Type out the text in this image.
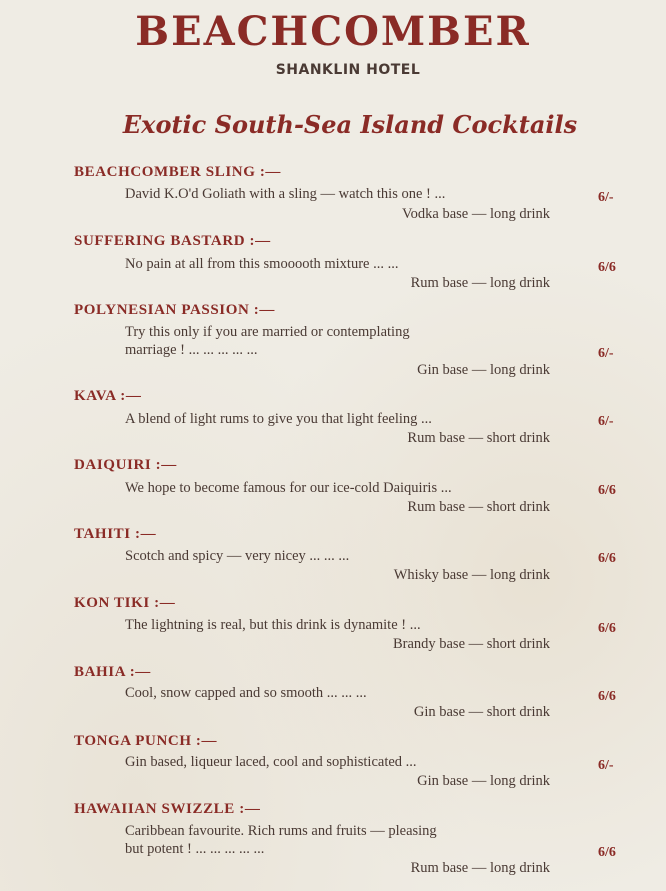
BEACHCOMBER
SHANKLIN HOTEL
Exotic South-Sea Island Cocktails
BEACHCOMBER SLING :—
David K.O'd Goliath with a sling — watch this one ! ...	6/-
Vodka base — long drink
SUFFERING BASTARD :—
No pain at all from this smooooth mixture ... ...	6/6
Rum base — long drink
POLYNESIAN PASSION :—
Try this only if you are married or contemplating
marriage ! ... ... ... ... ...	6/-
Gin base — long drink
KAVA :—
A blend of light rums to give you that light feeling ...	6/-
Rum base — short drink
DAIQUIRI :—
We hope to become famous for our ice-cold Daiquiris ...	6/6
Rum base — short drink
TAHITI :—
Scotch and spicy — very nicey ... ... ...	6/6
Whisky base — long drink
KON TIKI :—
The lightning is real, but this drink is dynamite ! ...	6/6
Brandy base — short drink
BAHIA :—
Cool, snow capped and so smooth ... ... ...	6/6
Gin base — short drink
TONGA PUNCH :—
Gin based, liqueur laced, cool and sophisticated ...	6/-
Gin base — long drink
HAWAIIAN SWIZZLE :—
Caribbean favourite. Rich rums and fruits — pleasing
but potent ! ... ... ... ... ...	6/6
Rum base — long drink
